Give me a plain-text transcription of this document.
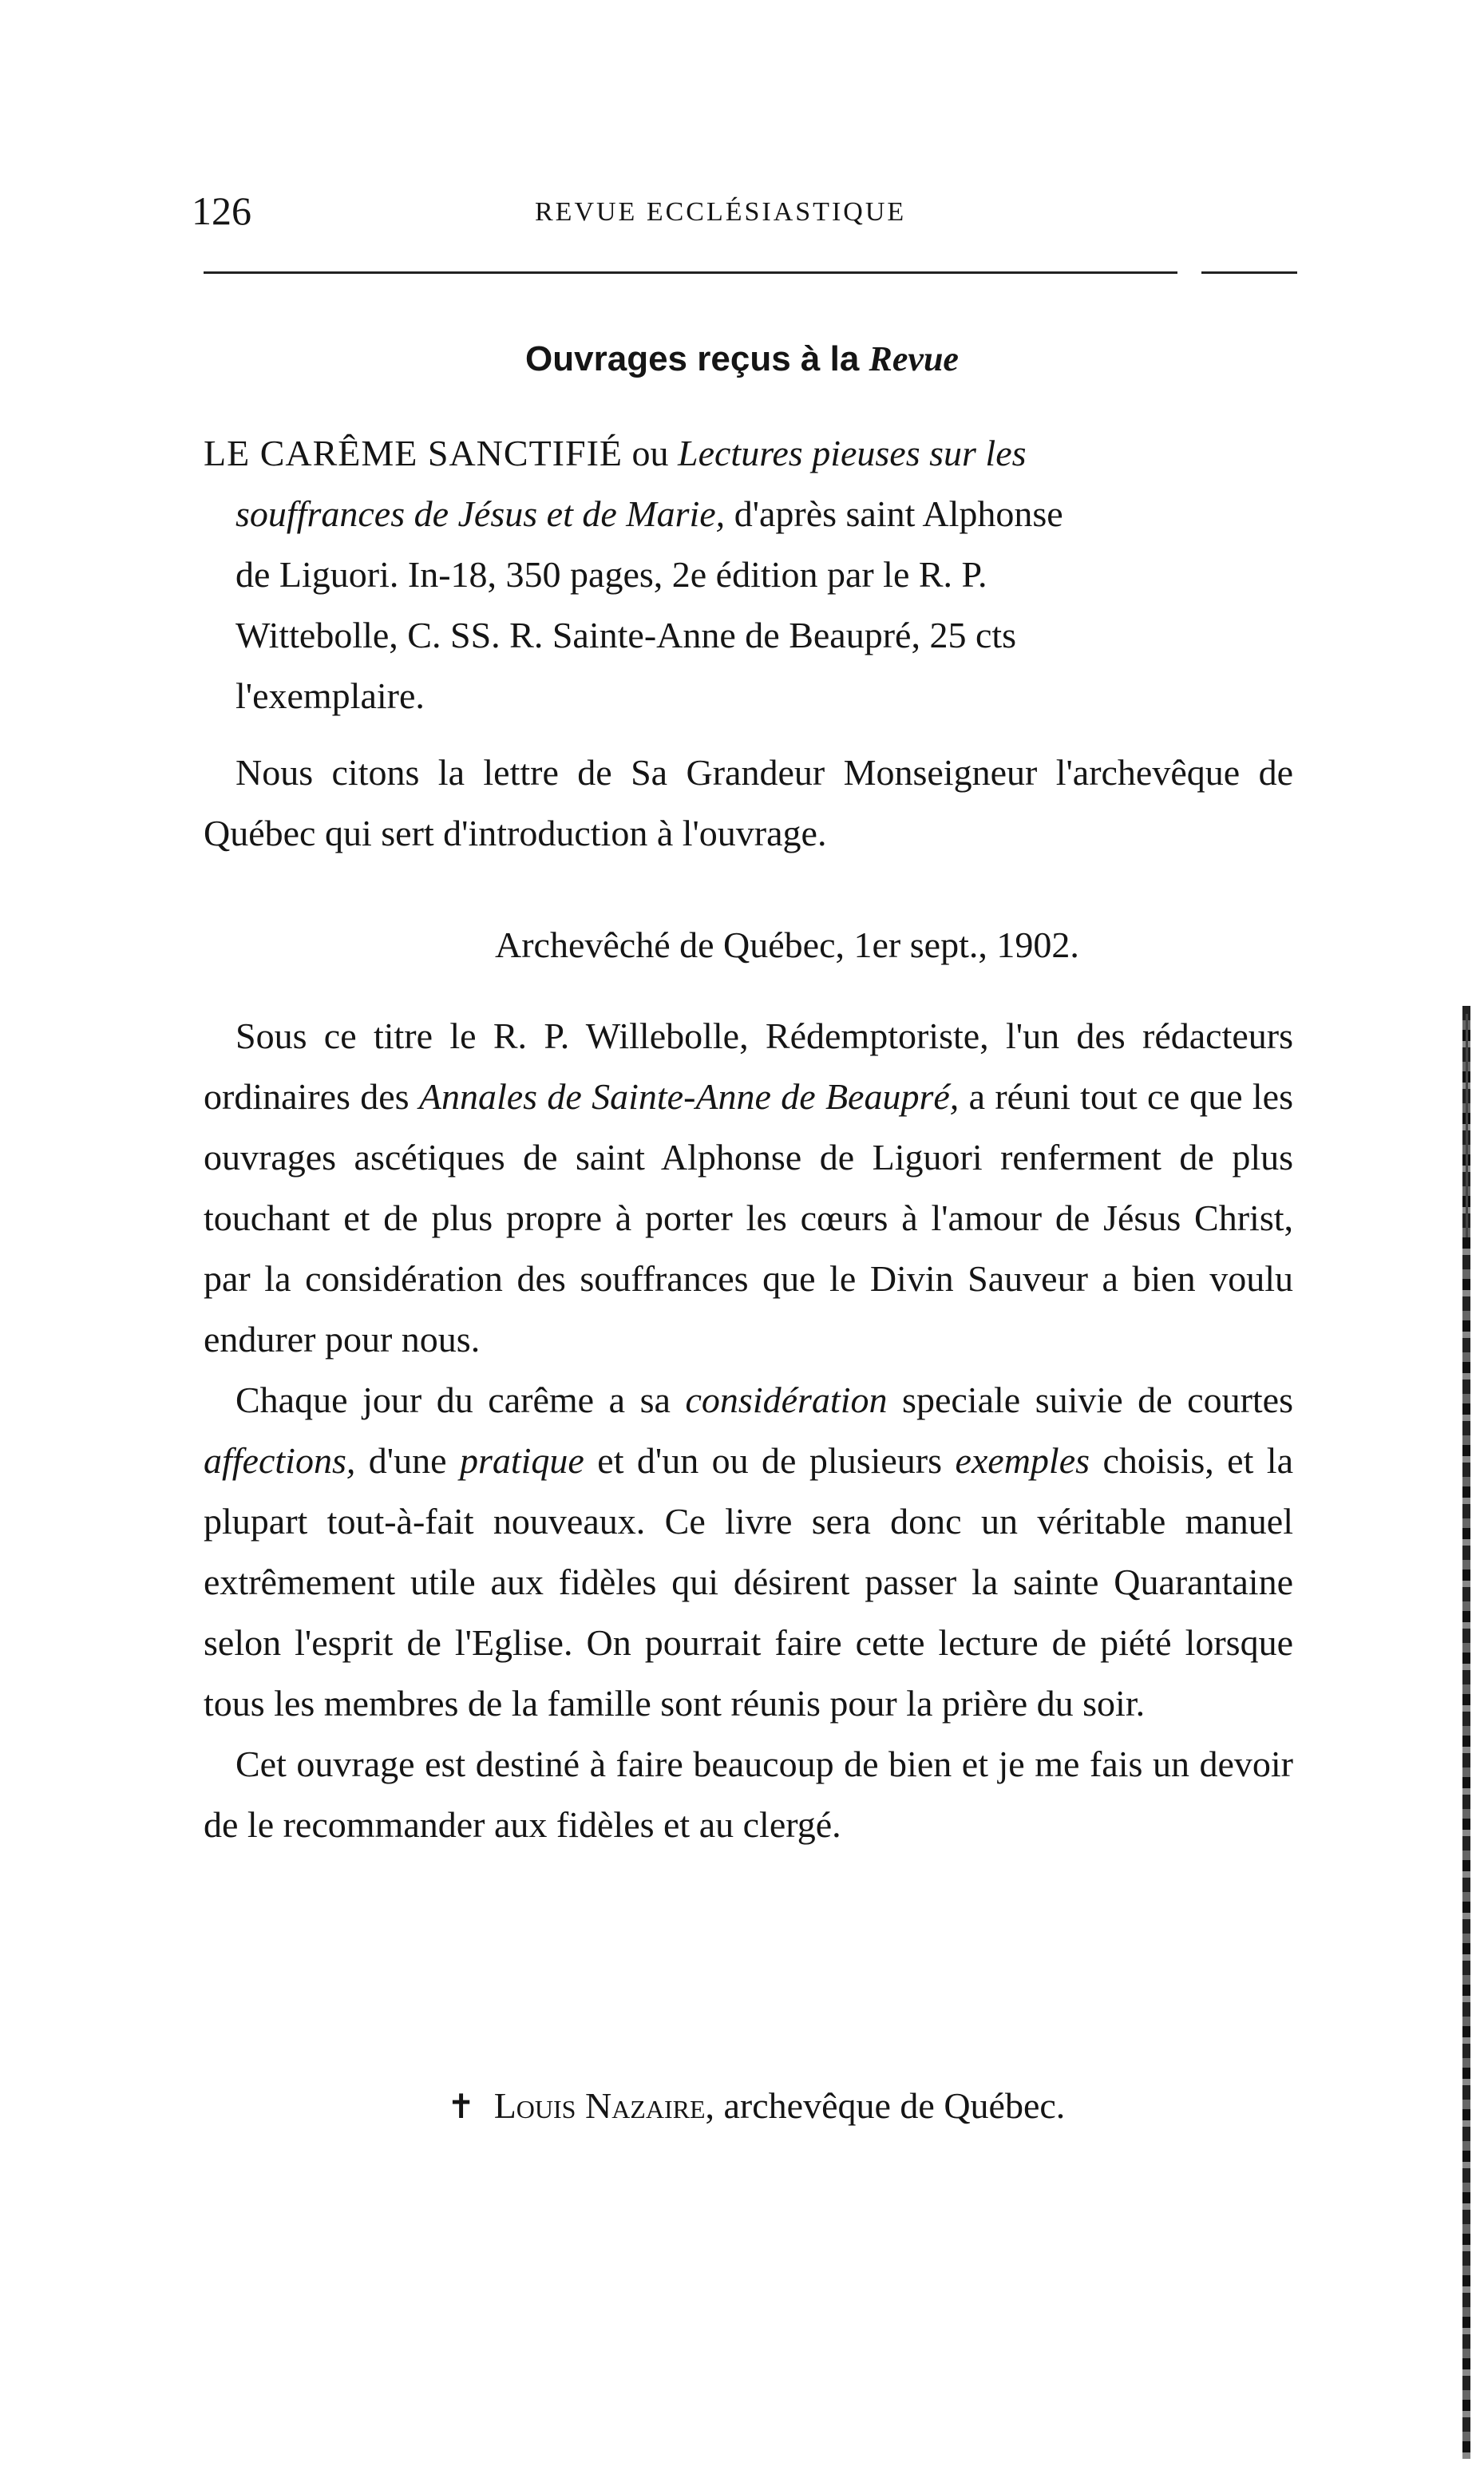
126	REVUE ECCLÉSIASTIQUE
Ouvrages reçus à la Revue
LE CARÊME SANCTIFIÉ ou Lectures pieuses sur les
souffrances de Jésus et de Marie, d'après saint Alphonse
de Liguori. In-18, 350 pages, 2e édition par le R. P.
Wittebolle, C. SS. R. Sainte-Anne de Beaupré, 25 cts
l'exemplaire.

Nous citons la lettre de Sa Grandeur Monseigneur l'archevêque de Québec qui sert d'introduction à l'ouvrage.

Archevêché de Québec, 1er sept., 1902.

Sous ce titre le R. P. Willebolle, Rédemptoriste, l'un des rédacteurs ordinaires des Annales de Sainte-Anne de Beaupré, a réuni tout ce que les ouvrages ascétiques de saint Alphonse de Liguori renferment de plus touchant et de plus propre à porter les cœurs à l'amour de Jésus Christ, par la considération des souffrances que le Divin Sauveur a bien voulu endurer pour nous.

Chaque jour du carême a sa considération speciale suivie de courtes affections, d'une pratique et d'un ou de plusieurs exemples choisis, et la plupart tout-à-fait nouveaux. Ce livre sera donc un véritable manuel extrêmement utile aux fidèles qui désirent passer la sainte Quarantaine selon l'esprit de l'Eglise. On pourrait faire cette lecture de piété lorsque tous les membres de la famille sont réunis pour la prière du soir.

Cet ouvrage est destiné à faire beaucoup de bien et je me fais un devoir de le recommander aux fidèles et au clergé.

✝ Louis Nazaire, archevêque de Québec.
